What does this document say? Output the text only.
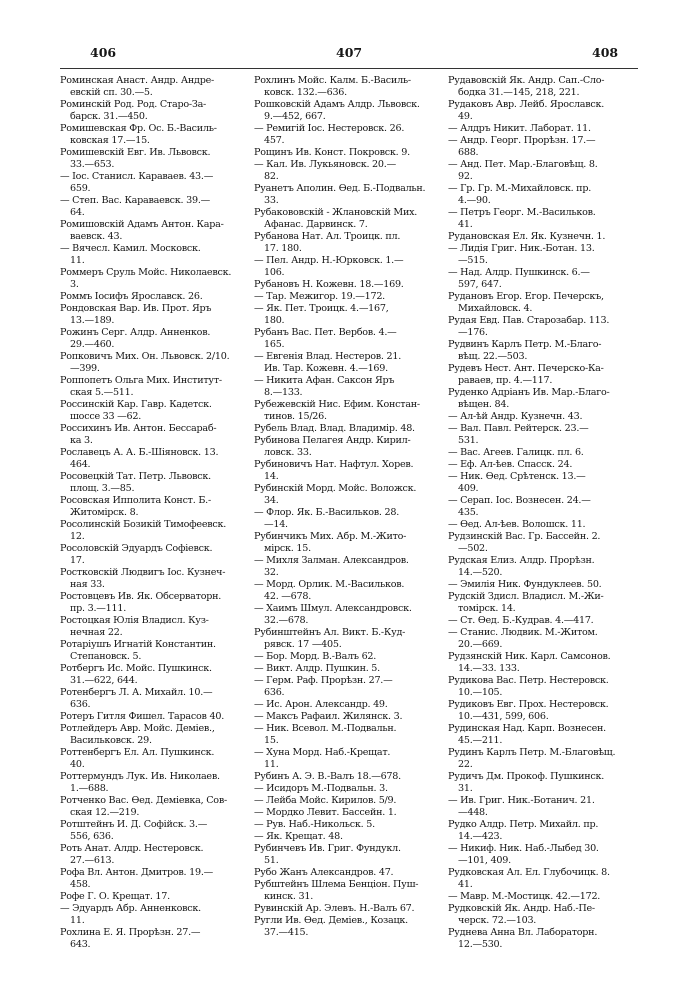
406	407	408
Роминская Анаст. Андр. Андре-
евскій сп. 30.—5.
Роминскій Род. Род. Старо-За-
барск. 31.—450.
Ромишевская Фр. Ос. Б.-Василь-
ковская 17.—15.
Ромишевскій Евг. Ив. Львовск.
33.—653.
— Іос. Станисл. Караваев. 43.—
659.
— Степ. Вас. Караваевск. 39.—
64.
Ромишовскій Адамъ Антон. Кара-
ваевск. 43.
— Вячесл. Камил. Московск.
11.
Роммеръ Сруль Мойс. Николаевск.
3.
Роммъ Іосифъ Ярославск. 26.
Рондовская Вар. Ив. Прот. Яръ
13.—189.
Рожинъ Серг. Алдр. Анненков.
29.—460.
Ропковичъ Мих. Он. Львовск. 2/10.
—399.
Роппопетъ Ольга Мих. Институт-
ская 5.—511.
Россинскій Кар. Гавр. Кадетск.
шоссе 33 —62.
Россихинъ Ив. Антон. Бессараб-
ка 3.
Рославецъ А. А. Б.-Шіяновск. 13.
464.
Росовецкій Тат. Петр. Львовск.
площ. 3.—85.
Росовская Ипполита Конст. Б.-
Житомірск. 8.
Росолинскій Бозикій Тимофеевск.
12.
Росоловскій Эдуардъ Софіевск.
17.
Ростковскій Людвигъ Іос. Кузнеч-
ная 33.
Ростовцевъ Ив. Як. Обсерваторн.
пр. 3.—111.
Ростоцкая Юлія Владисл. Куз-
нечная 22.
Ротаріушъ Игнатій Константин.
Степановск. 5.
Ротбергъ Ис. Мойс. Пушкинск.
31.—622, 644.
Ротенбергъ Л. А. Михайл. 10.—
636.
Ротеръ Гитля Фишел. Тарасов 40.
Ротлейдеръ Авр. Мойс. Деміев.,
Васильковск. 29.
Роттенбергъ Ел. Ал. Пушкинск.
40.
Роттермундъ Лук. Ив. Николаев.
1.—688.
Ротченко Вас. Ѳед. Деміевка, Сов-
ская 12.—219.
Ротштейнъ И. Д. Софійск. 3.—
556, 636.
Роть Анат. Алдр. Нестеровск.
27.—613.
Рофа Вл. Антон. Дмитров. 19.—
458.
Рофе Г. О. Крещат. 17.
— Эдуардъ Абр. Анненковск.
11.
Рохлина Е. Я. Прорѣзн. 27.—
643.
Рохлинъ Мойс. Калм. Б.-Василь-
ковск. 132.—636.
Рошковскій Адамъ Алдр. Львовск.
9.—452, 667.
— Ремигій Іос. Нестеровск. 26.
457.
Рощинъ Ив. Конст. Покровск. 9.
— Кал. Ив. Лукьяновск. 20.—
82.
Руанетъ Аполин. Ѳед. Б.-Подвальн.
33.
Рубакововскій - Жлановскій Мих.
Афанас. Дарвинск. 7.
Рубанова Нат. Ал. Троицк. пл.
17. 180.
— Пел. Андр. Н.-Юрковск. 1.—
106.
Рубановъ Н. Кожевн. 18.—169.
— Тар. Межигор. 19.—172.
— Як. Пет. Троицк. 4.—167,
180.
Рубанъ Вас. Пет. Вербов. 4.—
165.
— Евгенія Влад. Нестеров. 21.
Ив. Тар. Кожевн. 4.—169.
— Никита Афан. Саксон Яръ
8.—133.
Рубежевскій Нис. Ефим. Констан-
тинов. 15/26.
Рубель Влад. Влад. Владимір. 48.
Рубинова Пелагея Андр. Кирил-
ловск. 33.
Рубиновичъ Нат. Нафтул. Хорев.
14.
Рубинскій Морд. Мойс. Воложск.
34.
— Флор. Як. Б.-Васильков. 28.
—14.
Рубинчикъ Мих. Абр. М.-Жито-
мірск. 15.
— Михля Залман. Александров.
32.
— Морд. Орлик. М.-Васильков.
42. —678.
— Хаимъ Шмул. Александровск.
32.—678.
Рубинштейнъ Ал. Викт. Б.-Куд-
рявск. 17 —405.
— Бор. Морд. В.-Валъ 62.
— Викт. Алдр. Пушкин. 5.
— Герм. Раф. Прорѣзн. 27.—
636.
— Ис. Арон. Александр. 49.
— Максъ Рафаил. Жилянск. 3.
— Ник. Всевол. М.-Подвальн.
15.
— Хуна Морд. Наб.-Крещат.
11.
Рубинъ А. Э. В.-Валъ 18.—678.
— Исидоръ М.-Подвальн. 3.
— Лейба Мойс. Кирилов. 5/9.
— Мордко Левит. Бассейн. 1.
— Рув. Наб.-Никольск. 5.
— Як. Крещат. 48.
Рубинчевъ Ив. Григ. Фундукл.
51.
Рубо Жанъ Александров. 47.
Рубштейнъ Шлема Бенціон. Пуш-
кинск. 31.
Рувинскій Ар. Элевъ. Н.-Валъ 67.
Ругли Ив. Ѳед. Деміев., Козацк.
37.—415.
Рудавовскій Як. Андр. Сап.-Сло-
бодка 31.—145, 218, 221.
Рудаковъ Авр. Лейб. Ярославск.
49.
— Алдръ Никит. Лаборат. 11.
— Андр. Георг. Прорѣзн. 17.—
688.
— Анд. Пет. Мар.-Благовѣщ. 8.
92.
— Гр. Гр. М.-Михайловск. пр.
4.—90.
— Петръ Георг. М.-Васильков.
41.
Рудановская Ел. Як. Кузнечн. 1.
— Лидія Григ. Ник.-Ботан. 13.
—515.
— Над. Алдр. Пушкинск. 6.—
597, 647.
Рудановъ Егор. Егор. Печерскъ,
Михайловск. 4.
Рудая Евд. Пав. Старозабар. 113.
—176.
Рудвинъ Карлъ Петр. М.-Благо-
вѣщ. 22.—503.
Рудевъ Нест. Ант. Печерско-Ка-
раваев, пр. 4.—117.
Руденко Адріанъ Ив. Мар.-Благо-
вѣщен. 84.
— Ал-ѣй Андр. Кузнечн. 43.
— Вал. Павл. Рейтерск. 23.—
531.
— Вас. Агеев. Галицк. пл. 6.
— Еф. Ал-ѣев. Спасск. 24.
— Ник. Ѳед. Срѣтенск. 13.—
409.
— Серап. Іос. Вознесен. 24.—
435.
— Ѳед. Ал-ѣев. Волошск. 11.
Рудзинскій Вас. Гр. Бассейн. 2.
—502.
Рудская Елиз. Алдр. Прорѣзн.
14.—520.
— Эмилія Ник. Фундуклеев. 50.
Рудскій Здисл. Владисл. М.-Жи-
томірск. 14.
— Ст. Ѳед. Б.-Кудрав. 4.—417.
— Станис. Людвик. М.-Житом.
20.—669.
Рудзянскій Ник. Карл. Самсонов.
14.—33. 133.
Рудикова Вас. Петр. Нестеровск.
10.—105.
Рудиковъ Евг. Прох. Нестеровск.
10.—431, 599, 606.
Рудинская Над. Карп. Вознесен.
45.—211.
Рудинъ Карлъ Петр. М.-Благовѣщ.
22.
Рудичъ Дм. Прокоф. Пушкинск.
31.
— Ив. Григ. Ник.-Ботанич. 21.
—448.
Рудко Алдр. Петр. Михайл. пр.
14.—423.
— Никиф. Ник. Наб.-Лыбед 30.
—101, 409.
Рудковская Ал. Ел. Глубочицк. 8.
41.
— Мавр. М.-Мостицк. 42.—172.
Рудковскій Як. Андр. Наб.-Пе-
черск. 72.—103.
Руднева Анна Вл. Лабораторн.
12.—530.
